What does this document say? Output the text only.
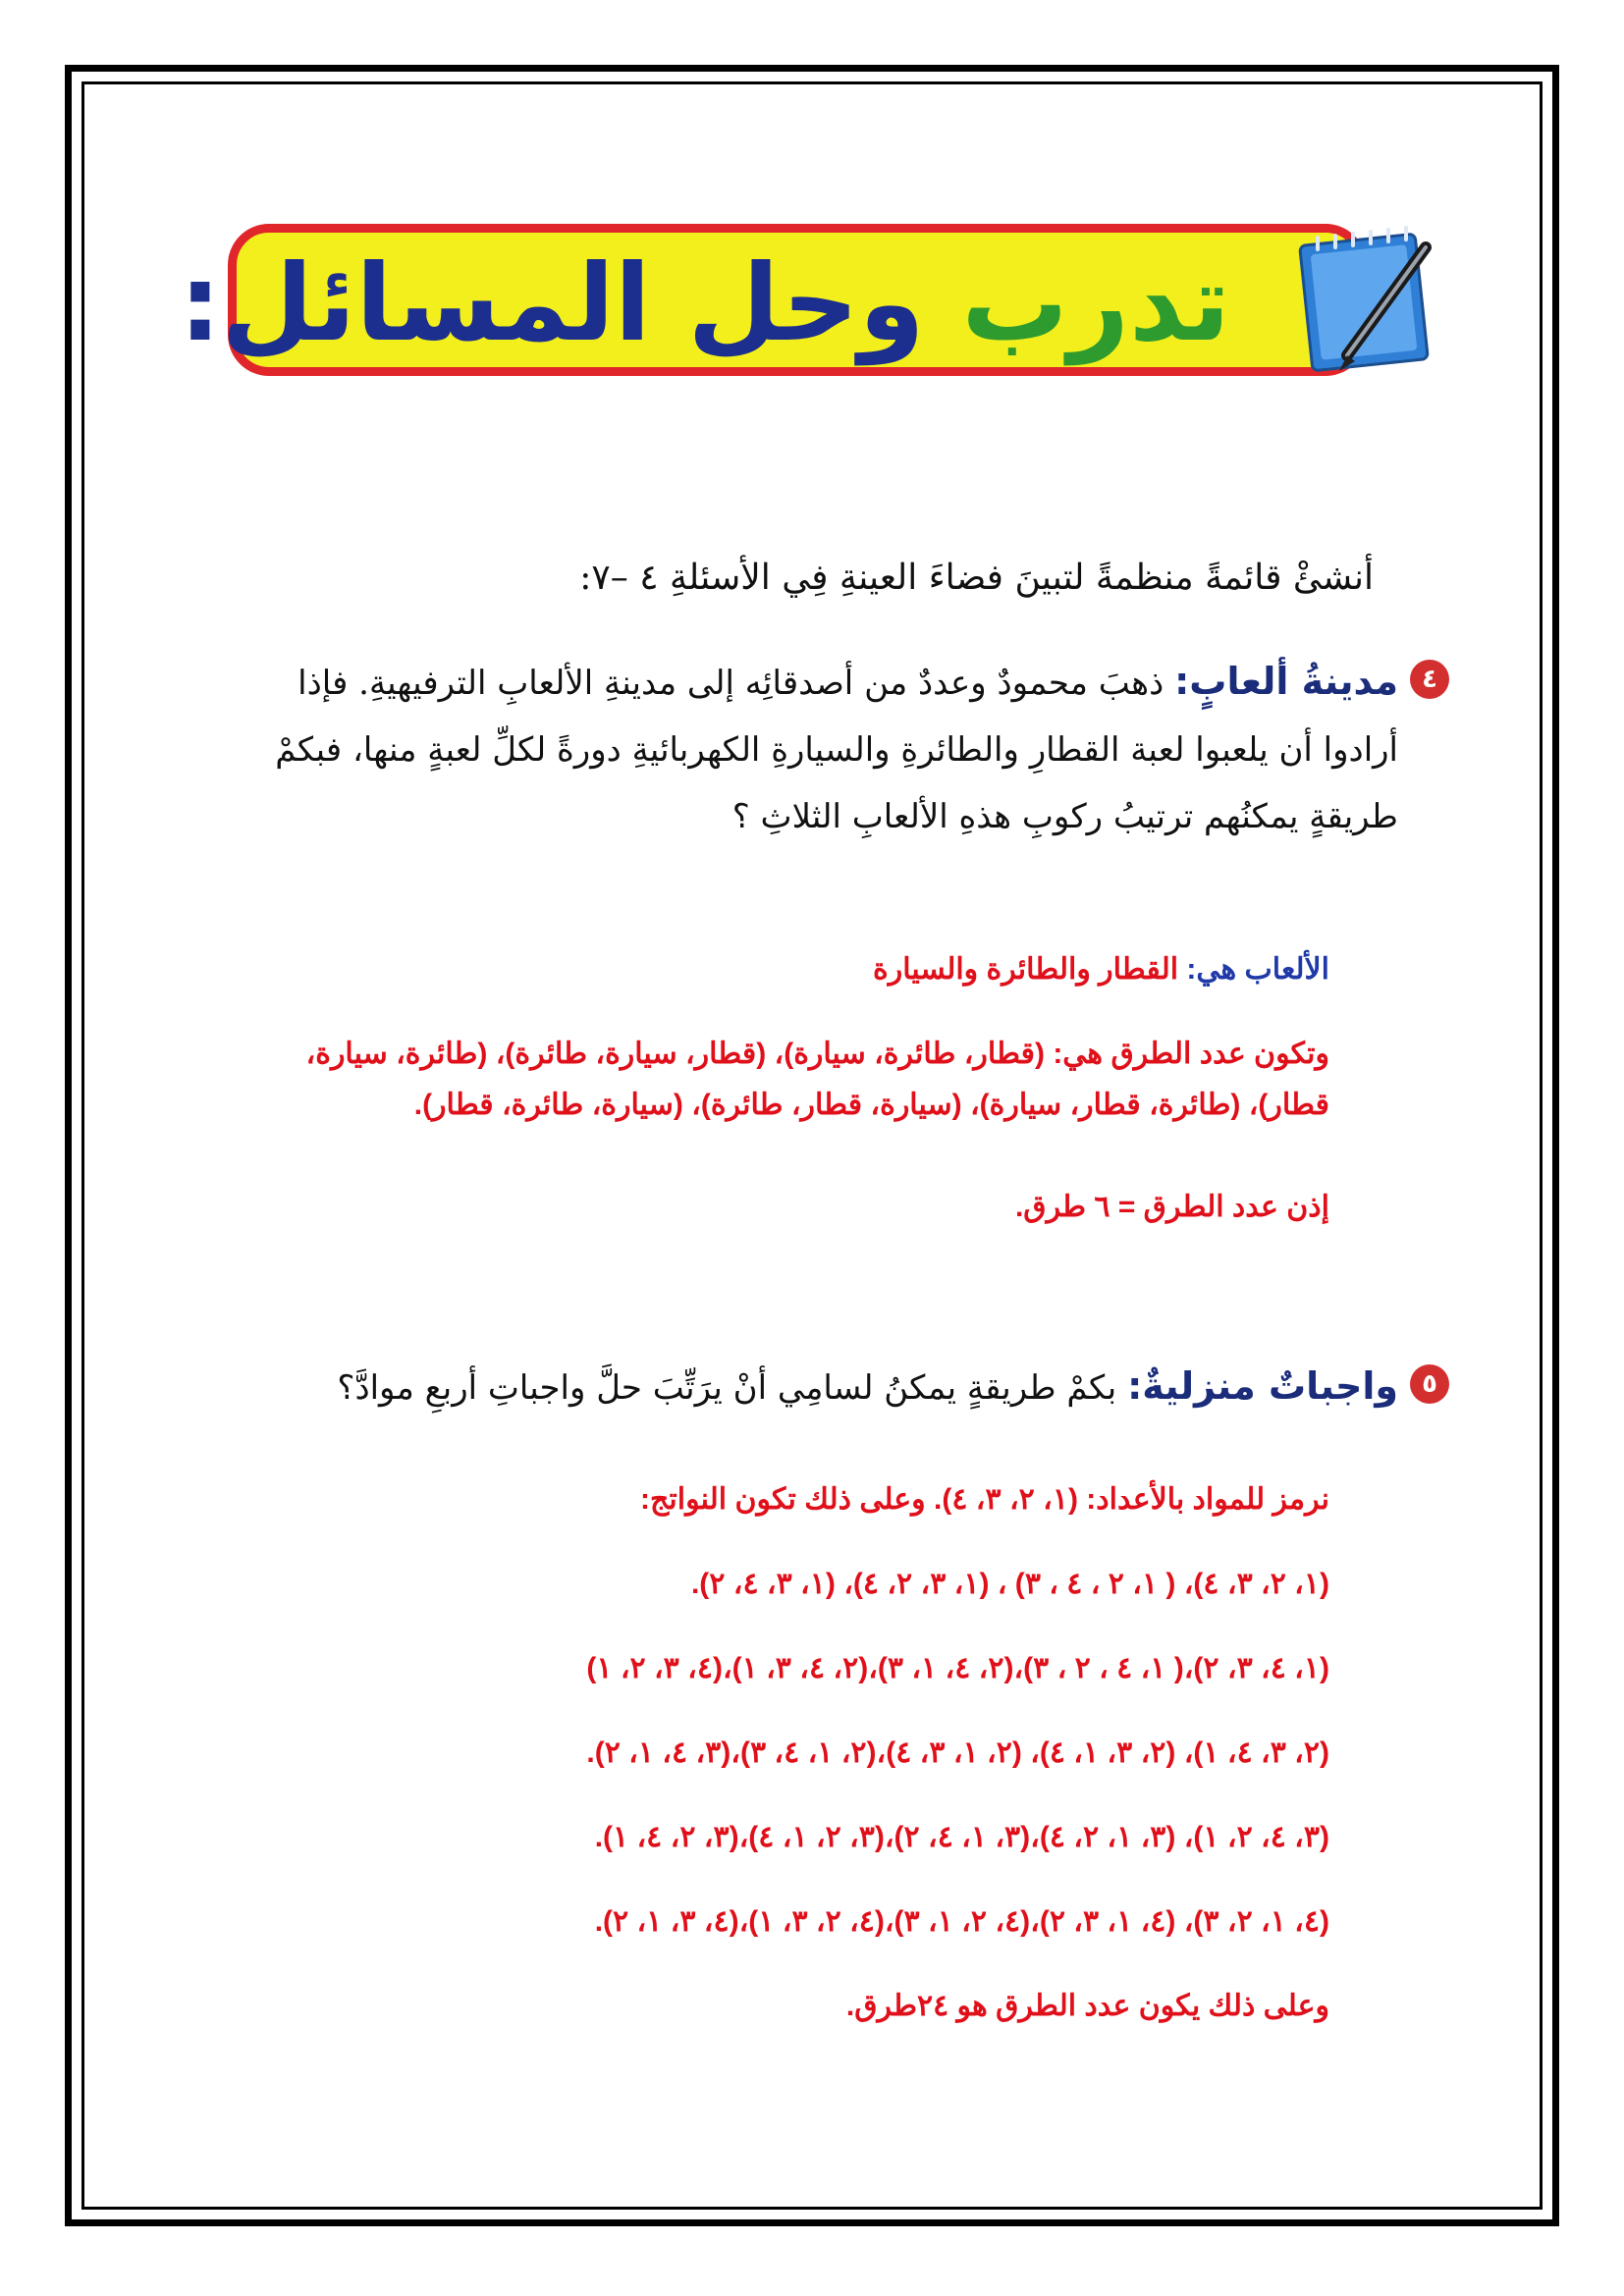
تدرب وحل المسائل:
أنشئْ قائمةً منظمةً لتبينَ فضاءَ العينةِ فِي الأسئلةِ ٤ –٧:
٤
مدينةُ ألعابٍ: ذهبَ محمودٌ وعددٌ من أصدقائِه إلى مدينةِ الألعابِ الترفيهيةِ. فإذا أرادوا أن يلعبوا لعبة القطارِ والطائرةِ والسيارةِ الكهربائيةِ دورةً لكلِّ لعبةٍ منها، فبكمْ طريقةٍ يمكنُهم ترتيبُ ركوبِ هذهِ الألعابِ الثلاثِ ؟
الألعاب هي: القطار والطائرة والسيارة
وتكون عدد الطرق هي: (قطار، طائرة، سيارة)، (قطار، سيارة، طائرة)، (طائرة، سيارة، قطار)، (طائرة، قطار، سيارة)، (سيارة، قطار، طائرة)، (سيارة، طائرة، قطار).
إذن عدد الطرق = ٦ طرق.
٥
واجباتٌ منزليةٌ: بكمْ طريقةٍ يمكنُ لسامِي أنْ يرَتِّبَ حلَّ واجباتِ أربعِ موادَّ؟
نرمز للمواد بالأعداد: (١، ٢، ٣، ٤). وعلى ذلك تكون النواتج:
(١، ٢، ٣، ٤)، ( ١، ٢ ، ٤ ، ٣) ، (١، ٣، ٢، ٤)، (١، ٣، ٤، ٢).
(١، ٤، ٣، ٢)،( ١، ٤ ، ٢ ، ٣)،(٢، ٤، ١، ٣)،(٢، ٤، ٣، ١)،(٤، ٣، ٢، ١)
(٢، ٣، ٤، ١)، (٢، ٣، ١، ٤)، (٢، ١، ٣، ٤)،(٢، ١، ٤، ٣)،(٣، ٤، ١، ٢).
(٣، ٤، ٢، ١)، (٣، ١، ٢، ٤)،(٣، ١، ٤، ٢)،(٣، ٢، ١، ٤)،(٣، ٢، ٤، ١).
(٤، ١، ٢، ٣)، (٤، ١، ٣، ٢)،(٤، ٢، ١، ٣)،(٤، ٢، ٣، ١)،(٤، ٣، ١، ٢).
وعلى ذلك يكون عدد الطرق هو ٢٤طرق.
